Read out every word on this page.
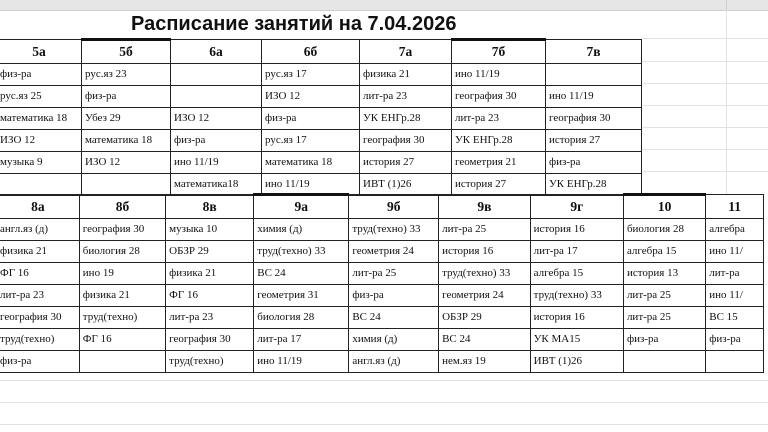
Расписание занятий на 7.04.2026
5а	5б	6а	6б	7а	7б	7в
физ-ра	рус.яз 23		рус.яз 17	физика 21	ино 11/19	
рус.яз 25	физ-ра		ИЗО 12	лит-ра 23	география 30	ино 11/19
математика 18	Убез 29	ИЗО 12	физ-ра	УК ЕНГр.28	лит-ра 23	география 30
ИЗО 12	математика 18	физ-ра	рус.яз 17	география 30	УК ЕНГр.28	история 27
музыка 9	ИЗО 12	ино 11/19	математика 18	история 27	геометрия 21	физ-ра
		математика18	ино 11/19	ИВТ (1)26	история 27	УК ЕНГр.28
8а	8б	8в	9а	9б	9в	9г	10	11
англ.яз (д)	география 30	музыка 10	химия (д)	труд(техно) 33	лит-ра 25	история 16	биология 28	алгебра
физика 21	биология 28	ОБЗР 29	труд(техно) 33	геометрия 24	история 16	лит-ра 17	алгебра 15	ино 11/
ФГ 16	ино 19	физика 21	ВС 24	лит-ра 25	труд(техно) 33	алгебра 15	история 13	лит-ра
лит-ра 23	физика 21	ФГ 16	геометрия 31	физ-ра	геометрия 24	труд(техно) 33	лит-ра 25	ино 11/
география 30	труд(техно)	лит-ра 23	биология 28	ВС 24	ОБЗР 29	история 16	лит-ра 25	ВС 15
труд(техно)	ФГ 16	география 30	лит-ра 17	химия (д)	ВС 24	УК МА15	физ-ра	физ-ра
физ-ра		труд(техно)	ино 11/19	англ.яз (д)	нем.яз 19	ИВТ (1)26		
